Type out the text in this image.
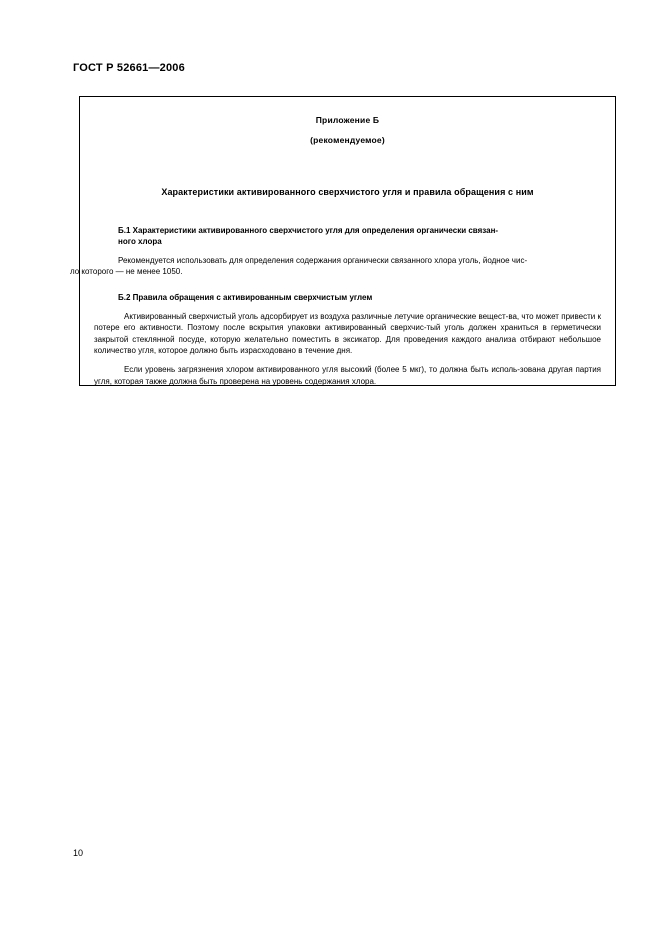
ГОСТ Р 52661—2006
Приложение Б
(рекомендуемое)
Характеристики активированного сверхчистого угля и правила обращения с ним
Б.1 Характеристики активированного сверхчистого угля для определения органически связан-
ного хлора
Рекомендуется использовать для определения содержания органически связанного хлора уголь, йодное чис-
ло которого — не менее 1050.
Б.2 Правила обращения с активированным сверхчистым углем
Активированный сверхчистый уголь адсорбирует из воздуха различные летучие органические вещест-ва, что может привести к потере его активности. Поэтому после вскрытия упаковки активированный сверхчис-тый уголь должен храниться в герметически закрытой стеклянной посуде, которую желательно поместить в эксикатор. Для проведения каждого анализа отбирают небольшое количество угля, которое должно быть израсходовано в течение дня.
Если уровень загрязнения хлором активированного угля высокий (более 5 мкг), то должна быть исполь-зована другая партия угля, которая также должна быть проверена на уровень содержания хлора.
10
